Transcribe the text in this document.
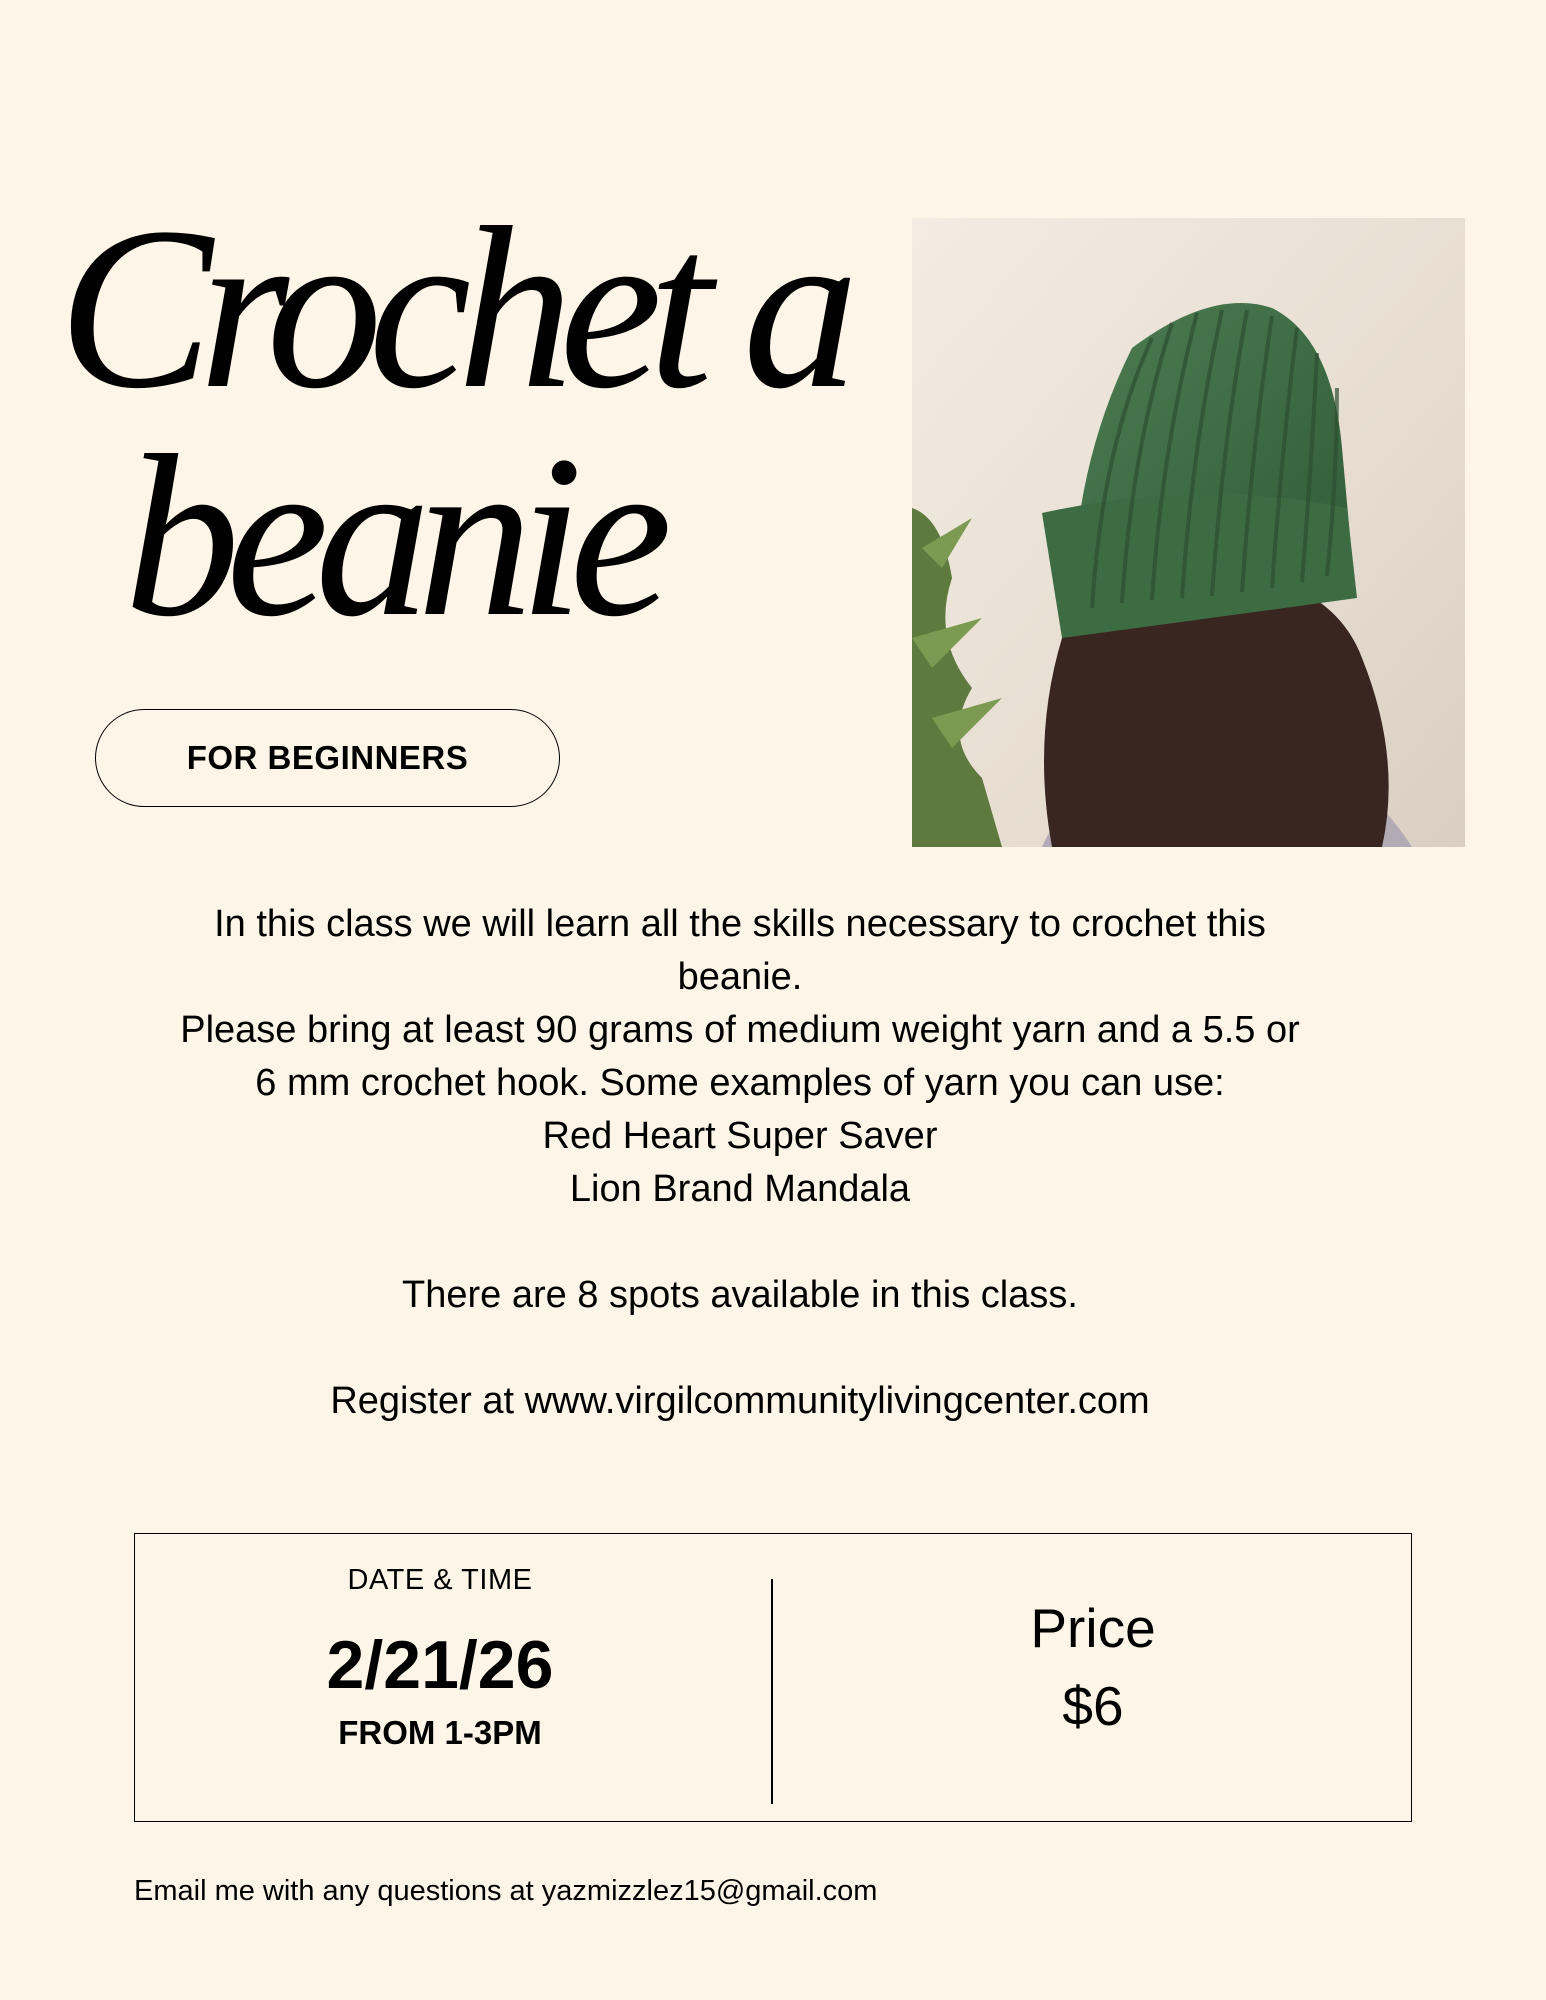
Crochet a
beanie
FOR BEGINNERS

In this class we will learn all the skills necessary to crochet this beanie.

Please bring at least 90 grams of medium weight yarn and a 5.5 or 6 mm crochet hook. Some examples of yarn you can use:

Red Heart Super Saver

Lion Brand Mandala

There are 8 spots available in this class.

Register at www.virgilcommunitylivingcenter.com

DATE & TIME
2/21/26
FROM 1-3PM
Price
$6
Email me with any questions at yazmizzlez15@gmail.com
